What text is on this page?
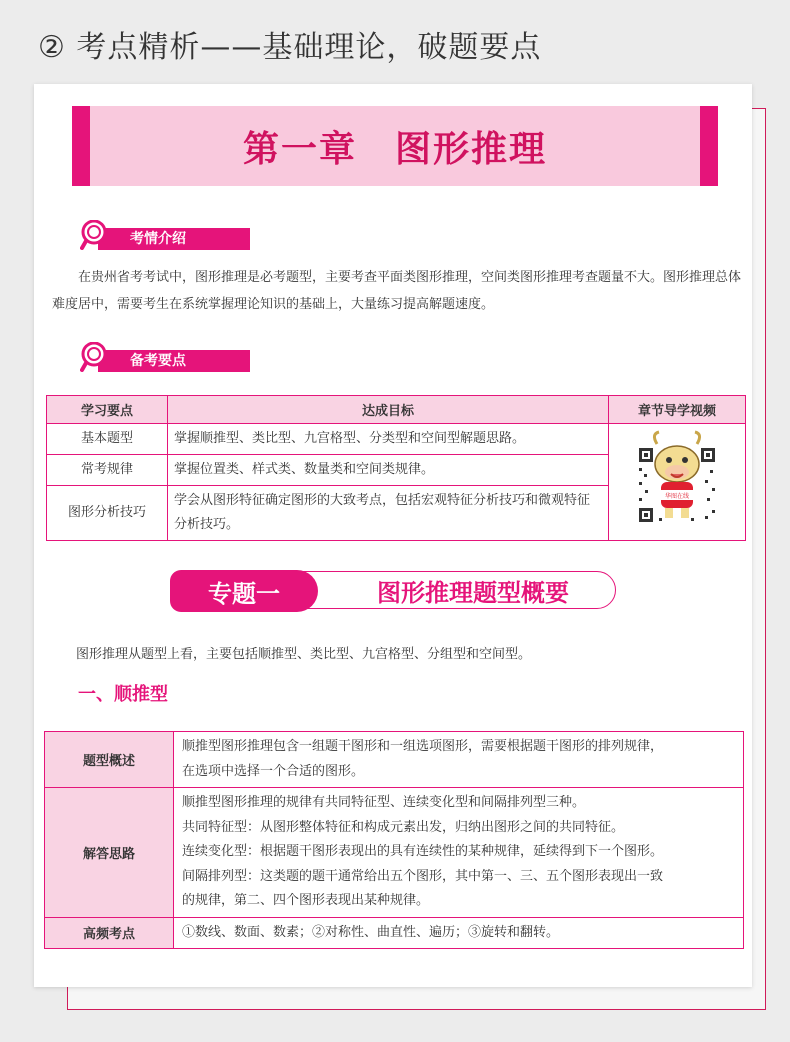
② 考点精析——基础理论，破题要点
第一章　图形推理
考情介绍
在贵州省考考试中，图形推理是必考题型，主要考查平面类图形推理，空间类图形推理考查题量不大。图形推理总体难度居中，需要考生在系统掌握理论知识的基础上，大量练习提高解题速度。
备考要点
学习要点	达成目标	章节导学视频
基本题型	掌握顺推型、类比型、九宫格型、分类型和空间型解题思路。	华图在线

常考规律	掌握位置类、样式类、数量类和空间类规律。	
图形分析技巧	学会从图形特征确定图形的大致考点，包括宏观特征分析技巧和微观特征分析技巧。	
图形推理题型概要
专题一
图形推理从题型上看，主要包括顺推型、类比型、九宫格型、分组型和空间型。
一、顺推型
题型概述	顺推型图形推理包含一组题干图形和一组选项图形，需要根据题干图形的排列规律，
在选项中选择一个合适的图形。

解答思路	顺推型图形推理的规律有共同特征型、连续变化型和间隔排列型三种。
共同特征型：从图形整体特征和构成元素出发，归纳出图形之间的共同特征。
连续变化型：根据题干图形表现出的具有连续性的某种规律，延续得到下一个图形。
间隔排列型：这类题的题干通常给出五个图形，其中第一、三、五个图形表现出一致
的规律，第二、四个图形表现出某种规律。

高频考点	①数线、数面、数素；②对称性、曲直性、遍历；③旋转和翻转。
